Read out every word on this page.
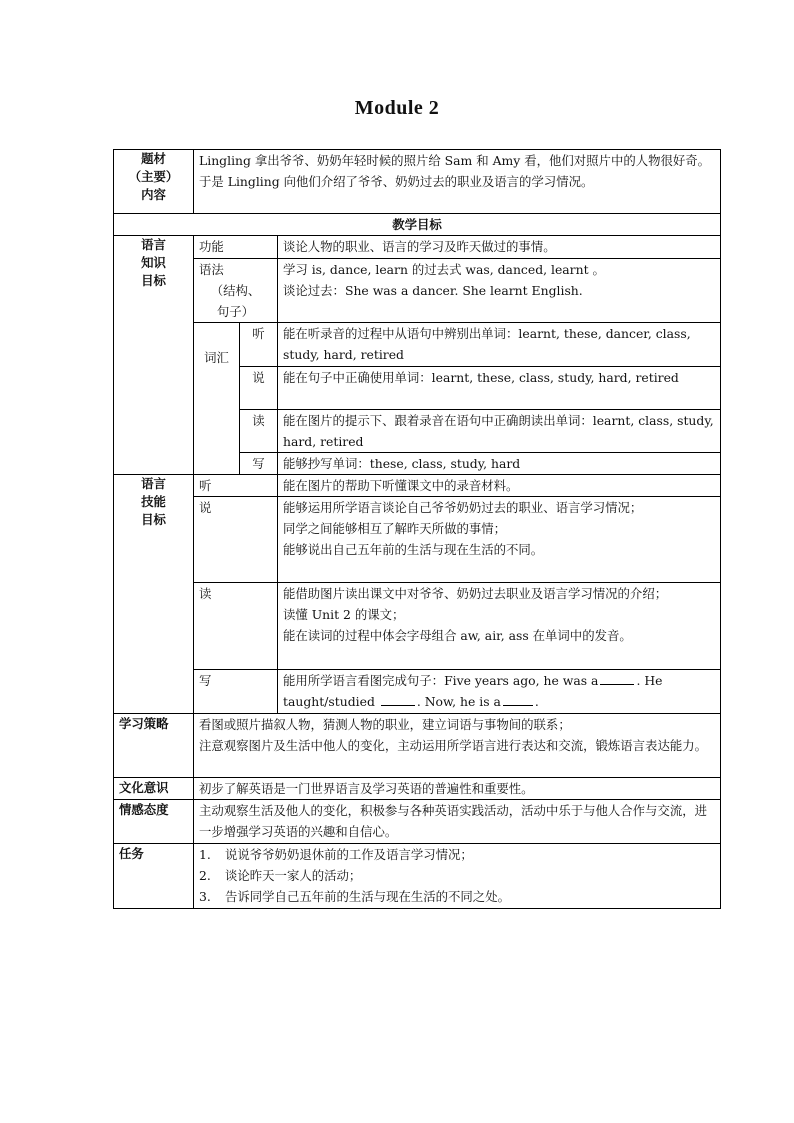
Module 2
题材
（主要）
内容	Lingling 拿出爷爷、奶奶年轻时候的照片给 Sam 和 Amy 看，他们对照片中的人物很好奇。于是 Lingling 向他们介绍了爷爷、奶奶过去的职业及语言的学习情况。		
教学目标			

语言
知识
目标	功能		谈论人物的职业、语言的学习及昨天做过的事情。

	语法
（结构、
句子）		学习 is, dance, learn 的过去式 was, danced, learnt 。
谈论过去：She was a dancer. She learnt English.

	词汇	听	能在听录音的过程中从语句中辨别出单词：learnt, these, dancer, class, study, hard, retired
		说	能在句子中正确使用单词：learnt, these, class, study, hard, retired
		读	能在图片的提示下、跟着录音在语句中正确朗读出单词：learnt, class, study, hard, retired
		写	能够抄写单词：these, class, study, hard

语言
技能
目标	听		能在图片的帮助下听懂课文中的录音材料。
	说		能够运用所学语言谈论自己爷爷奶奶过去的职业、语言学习情况；
同学之间能够相互了解昨天所做的事情；
能够说出自己五年前的生活与现在生活的不同。

	读		能借助图片读出课文中对爷爷、奶奶过去职业及语言学习情况的介绍；
读懂 Unit 2 的课文；
能在读词的过程中体会字母组合 aw, air, ass 在单词中的发音。

	写		能用所学语言看图完成句子：Five years ago, he was a . He taught/studied . Now, he is a .
学习策略	看图或照片描叙人物，猜测人物的职业，建立词语与事物间的联系；
注意观察图片及生活中他人的变化，主动运用所学语言进行表达和交流，锻炼语言表达能力。		

文化意识	初步了解英语是一门世界语言及学习英语的普遍性和重要性。		
情感态度	主动观察生活及他人的变化，积极参与各种英语实践活动，活动中乐于与他人合作与交流，进一步增强学习英语的兴趣和自信心。		
任务	1. 说说爷爷奶奶退休前的工作及语言学习情况；
2. 谈论昨天一家人的活动；
3. 告诉同学自己五年前的生活与现在生活的不同之处。		
